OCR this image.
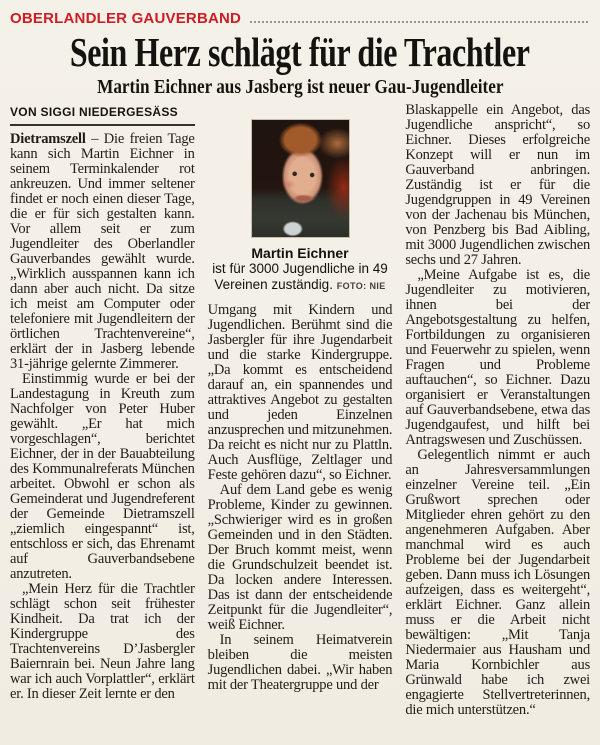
OBERLANDLER GAUVERBAND
Sein Herz schlägt für die Trachtler
Martin Eichner aus Jasberg ist neuer Gau-Jugendleiter
VON SIGGI NIEDERGESÄSS

Dietramszell – Die freien Tage kann sich Martin Eichner in seinem Terminkalender rot ankreuzen. Und immer seltener findet er noch einen dieser Tage, die er für sich gestalten kann. Vor allem seit er zum Jugendleiter des Oberlandler Gauverbandes gewählt wurde. „Wirklich ausspannen kann ich dann aber auch nicht. Da sitze ich meist am Computer oder telefoniere mit Jugendleitern der örtlichen Trachtenvereine“, erklärt der in Jasberg lebende 31-jährige gelernte Zimmerer.

Einstimmig wurde er bei der Landestagung in Kreuth zum Nachfolger von Peter Huber gewählt. „Er hat mich vorgeschlagen“, berichtet Eichner, der in der Bauabteilung des Kommunalreferats München arbeitet. Obwohl er schon als Gemeinderat und Jugendreferent der Gemeinde Dietramszell „ziemlich eingespannt“ ist, entschloss er sich, das Ehrenamt auf Gauverbandsebene anzutreten.

„Mein Herz für die Trachtler schlägt schon seit frühester Kindheit. Da trat ich der Kindergruppe des Trachtenvereins D’Jasbergler Baiernrain bei. Neun Jahre lang war ich auch Vorplattler“, erklärt er. In dieser Zeit lernte er den

Martin Eichner
ist für 3000 Jugendliche in 49 Vereinen zuständig. FOTO: NIE

Umgang mit Kindern und Jugendlichen. Berühmt sind die Jasbergler für ihre Jugendarbeit und die starke Kindergruppe. „Da kommt es entscheidend darauf an, ein spannendes und attraktives Angebot zu gestalten und jeden Einzelnen anzusprechen und mitzunehmen. Da reicht es nicht nur zu Plattln. Auch Ausflüge, Zeltlager und Feste gehören dazu“, so Eichner.

Auf dem Land gebe es wenig Probleme, Kinder zu gewinnen. „Schwieriger wird es in großen Gemeinden und in den Städten. Der Bruch kommt meist, wenn die Grundschulzeit beendet ist. Da locken andere Interessen. Das ist dann der entscheidende Zeitpunkt für die Jugendleiter“, weiß Eichner.

In seinem Heimatverein bleiben die meisten Jugendlichen dabei. „Wir haben mit der Theatergruppe und der

Blaskappelle ein Angebot, das Jugendliche anspricht“, so Eichner. Dieses erfolgreiche Konzept will er nun im Gauverband anbringen. Zuständig ist er für die Jugendgruppen in 49 Vereinen von der Jachenau bis München, von Penzberg bis Bad Aibling, mit 3000 Jugendlichen zwischen sechs und 27 Jahren.

„Meine Aufgabe ist es, die Jugendleiter zu motivieren, ihnen bei der Angebotsgestaltung zu helfen, Fortbildungen zu organisieren und Feuerwehr zu spielen, wenn Fragen und Probleme auftauchen“, so Eichner. Dazu organisiert er Veranstaltungen auf Gauverbandsebene, etwa das Jugendgaufest, und hilft bei Antragswesen und Zuschüssen.

Gelegentlich nimmt er auch an Jahresversammlungen einzelner Vereine teil. „Ein Grußwort sprechen oder Mitglieder ehren gehört zu den angenehmeren Aufgaben. Aber manchmal wird es auch Probleme bei der Jugendarbeit geben. Dann muss ich Lösungen aufzeigen, dass es weitergeht“, erklärt Eichner. Ganz allein muss er die Arbeit nicht bewältigen: „Mit Tanja Niedermaier aus Hausham und Maria Kornbichler aus Grünwald habe ich zwei engagierte Stellvertreterinnen, die mich unterstützen.“
